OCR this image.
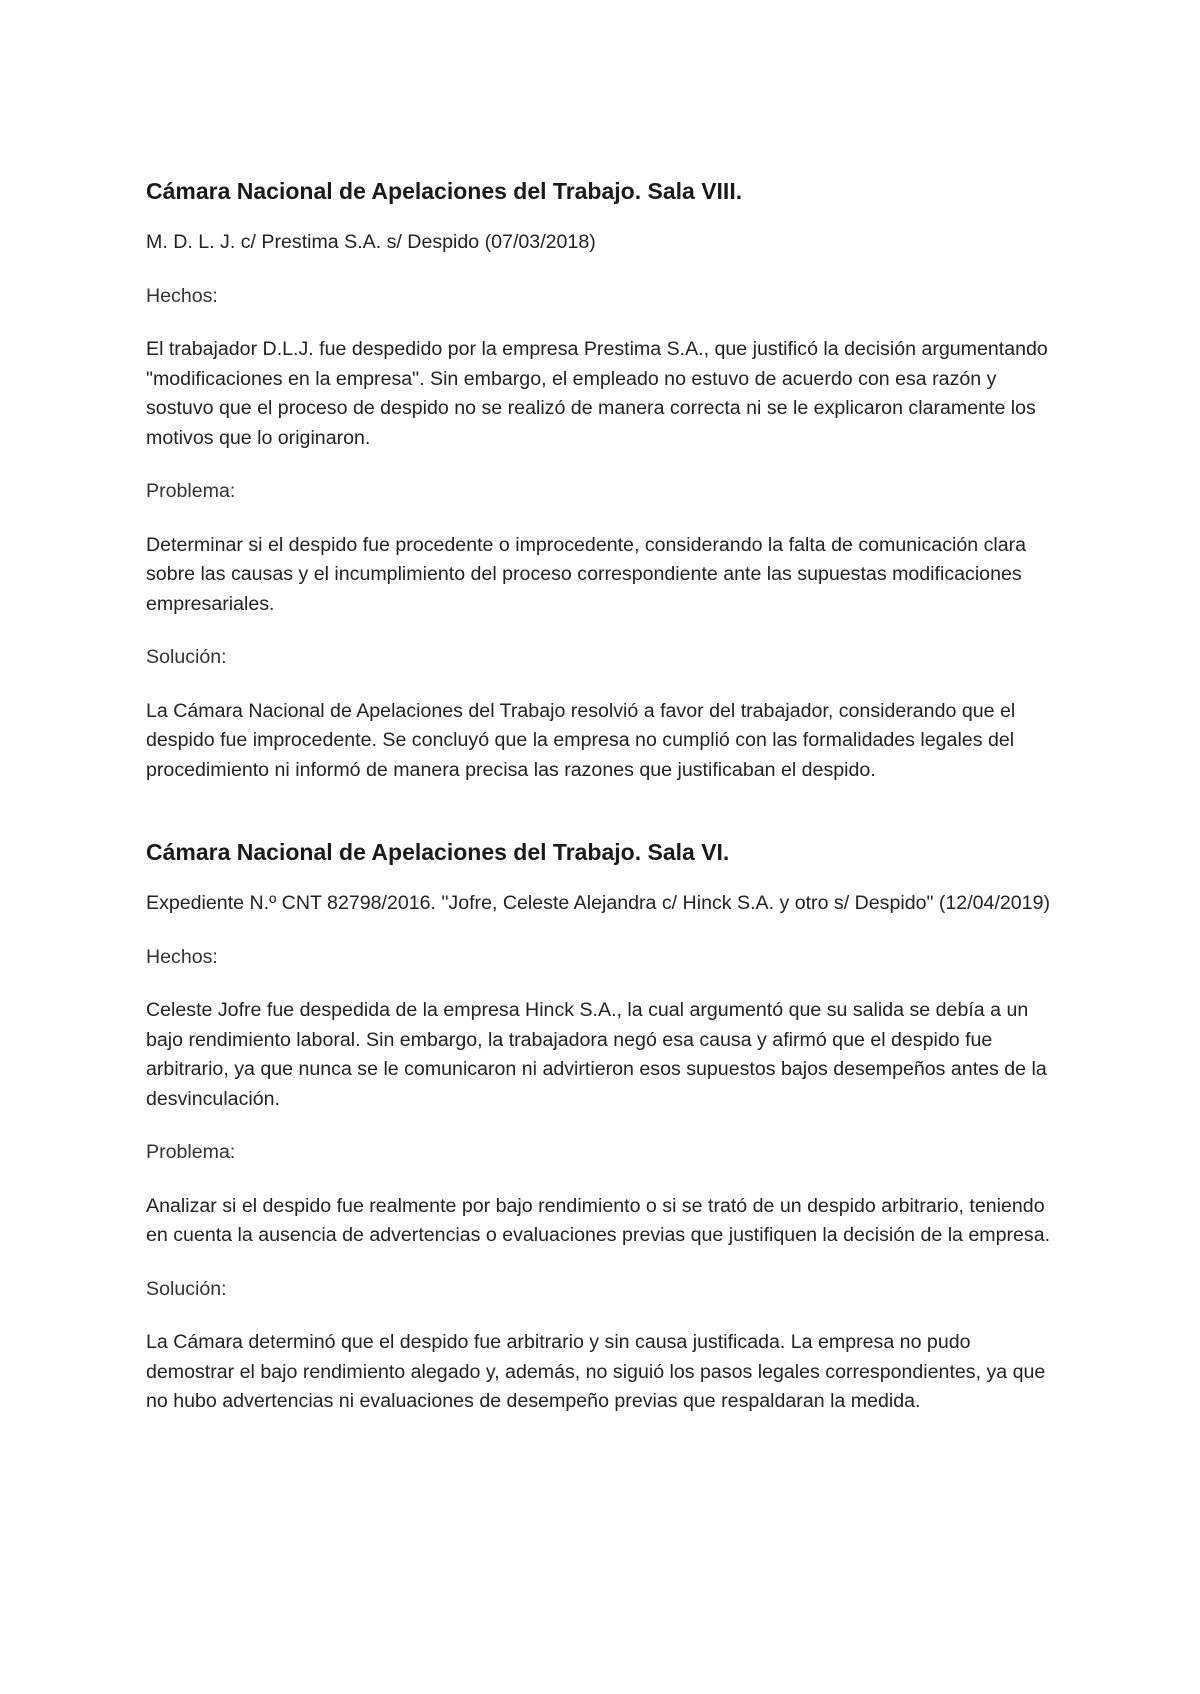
Cámara Nacional de Apelaciones del Trabajo. Sala VIII.

M. D. L. J. c/ Prestima S.A. s/ Despido (07/03/2018)

Hechos:

El trabajador D.L.J. fue despedido por la empresa Prestima S.A., que justificó la decisión argumentando "modificaciones en la empresa". Sin embargo, el empleado no estuvo de acuerdo con esa razón y sostuvo que el proceso de despido no se realizó de manera correcta ni se le explicaron claramente los motivos que lo originaron.

Problema:

Determinar si el despido fue procedente o improcedente, considerando la falta de comunicación clara sobre las causas y el incumplimiento del proceso correspondiente ante las supuestas modificaciones empresariales.

Solución:

La Cámara Nacional de Apelaciones del Trabajo resolvió a favor del trabajador, considerando que el despido fue improcedente. Se concluyó que la empresa no cumplió con las formalidades legales del procedimiento ni informó de manera precisa las razones que justificaban el despido.

Cámara Nacional de Apelaciones del Trabajo. Sala VI.

Expediente N.º CNT 82798/2016. "Jofre, Celeste Alejandra c/ Hinck S.A. y otro s/ Despido" (12/04/2019)

Hechos:

Celeste Jofre fue despedida de la empresa Hinck S.A., la cual argumentó que su salida se debía a un bajo rendimiento laboral. Sin embargo, la trabajadora negó esa causa y afirmó que el despido fue arbitrario, ya que nunca se le comunicaron ni advirtieron esos supuestos bajos desempeños antes de la desvinculación.

Problema:

Analizar si el despido fue realmente por bajo rendimiento o si se trató de un despido arbitrario, teniendo en cuenta la ausencia de advertencias o evaluaciones previas que justifiquen la decisión de la empresa.

Solución:

La Cámara determinó que el despido fue arbitrario y sin causa justificada. La empresa no pudo demostrar el bajo rendimiento alegado y, además, no siguió los pasos legales correspondientes, ya que no hubo advertencias ni evaluaciones de desempeño previas que respaldaran la medida.
